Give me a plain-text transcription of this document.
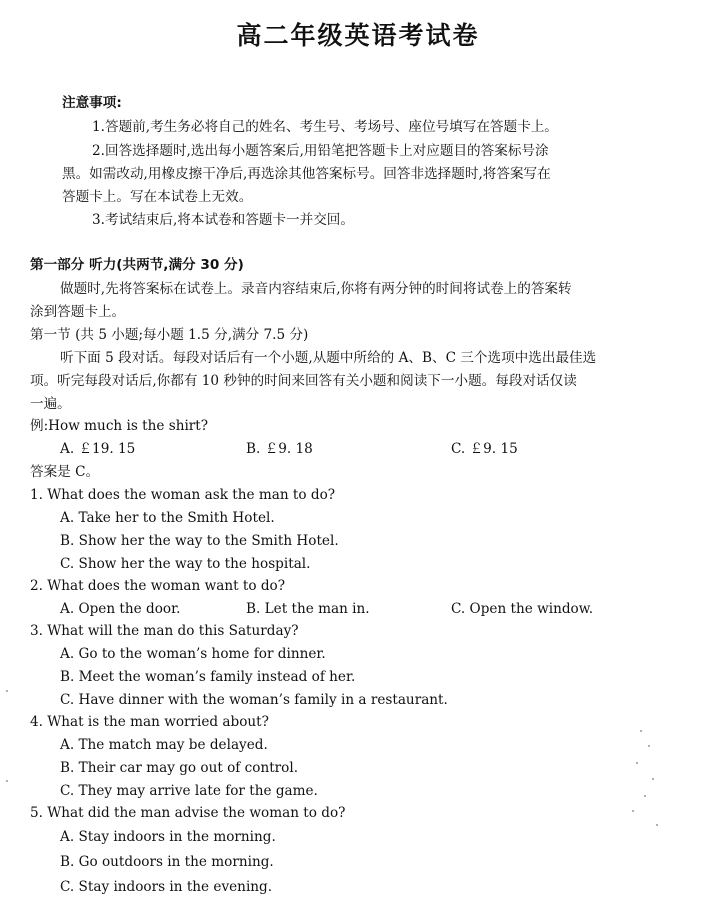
高二年级英语考试卷
注意事项:
1.答题前,考生务必将自己的姓名、考生号、考场号、座位号填写在答题卡上。
2.回答选择题时,选出每小题答案后,用铅笔把答题卡上对应题目的答案标号涂
黑。如需改动,用橡皮擦干净后,再选涂其他答案标号。回答非选择题时,将答案写在
答题卡上。写在本试卷上无效。
3.考试结束后,将本试卷和答题卡一并交回。
第一部分 听力(共两节,满分 30 分)
做题时,先将答案标在试卷上。录音内容结束后,你将有两分钟的时间将试卷上的答案转
涂到答题卡上。
第一节 (共 5 小题;每小题 1.5 分,满分 7.5 分)
听下面 5 段对话。每段对话后有一个小题,从题中所给的 A、B、C 三个选项中选出最佳选
项。听完每段对话后,你都有 10 秒钟的时间来回答有关小题和阅读下一小题。每段对话仅读
一遍。
例:How much is the shirt?
A. ￡19. 15	B. ￡9. 18	C. ￡9. 15
答案是 C。
1. What does the woman ask the man to do?
A. Take her to the Smith Hotel.
B. Show her the way to the Smith Hotel.
C. Show her the way to the hospital.
2. What does the woman want to do?
A. Open the door.	B. Let the man in.	C. Open the window.
3. What will the man do this Saturday?
A. Go to the woman’s home for dinner.
B. Meet the woman’s family instead of her.
C. Have dinner with the woman’s family in a restaurant.
4. What is the man worried about?
A. The match may be delayed.
B. Their car may go out of control.
C. They may arrive late for the game.
5. What did the man advise the woman to do?
A. Stay indoors in the morning.
B. Go outdoors in the morning.
C. Stay indoors in the evening.
